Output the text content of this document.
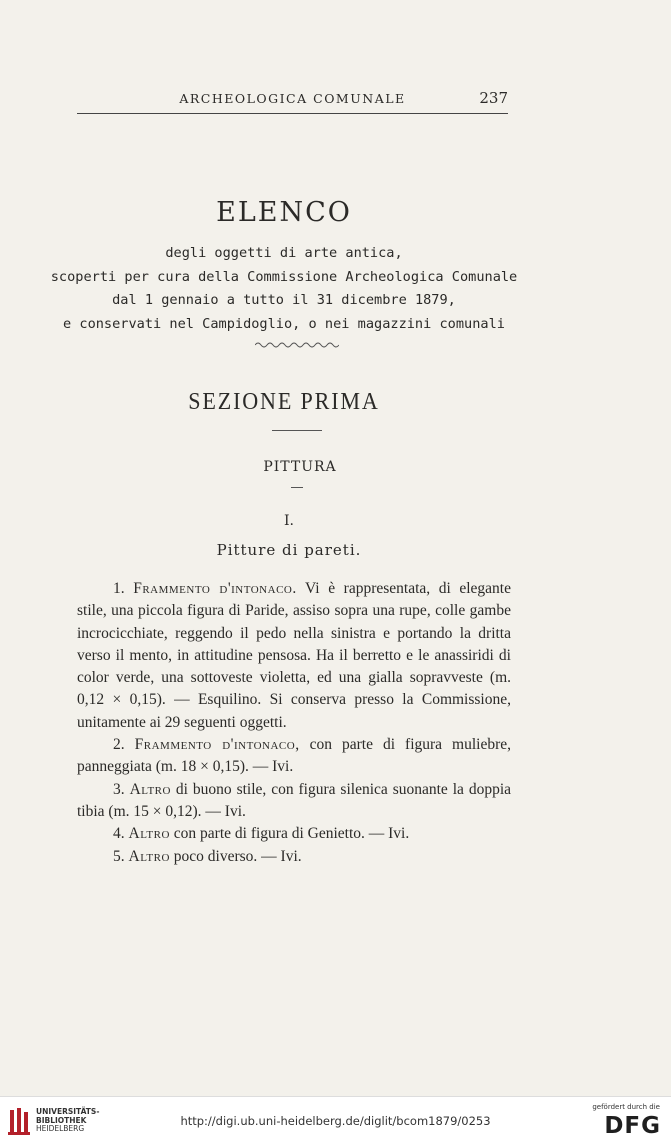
ARCHEOLOGICA COMUNALE	237
ELENCO
degli oggetti di arte antica,
scoperti per cura della Commissione Archeologica Comunale
dal 1 gennaio a tutto il 31 dicembre 1879,
e conservati nel Campidoglio, o nei magazzini comunali
SEZIONE PRIMA
PITTURA
I.
Pitture di pareti.

1. Frammento d'intonaco. Vi è rappresentata, di elegante stile, una piccola figura di Paride, assiso sopra una rupe, colle gambe incrocicchiate, reggendo il pedo nella sinistra e portando la dritta verso il mento, in attitudine pensosa. Ha il berretto e le anassiridi di color verde, una sottoveste violetta, ed una gialla sopravveste (m. 0,12 × 0,15). — Esquilino. Si conserva presso la Commissione, unitamente ai 29 seguenti oggetti.

2. Frammento d'intonaco, con parte di figura muliebre, panneggiata (m. 18 × 0,15). — Ivi.

3. Altro di buono stile, con figura silenica suonante la doppia tibia (m. 15 × 0,12). — Ivi.

4. Altro con parte di figura di Genietto. — Ivi.

5. Altro poco diverso. — Ivi.

UNIVERSITÄTS-
BIBLIOTHEK
HEIDELBERG
http://digi.ub.uni-heidelberg.de/diglit/bcom1879/0253
gefördert durch die
DFG
